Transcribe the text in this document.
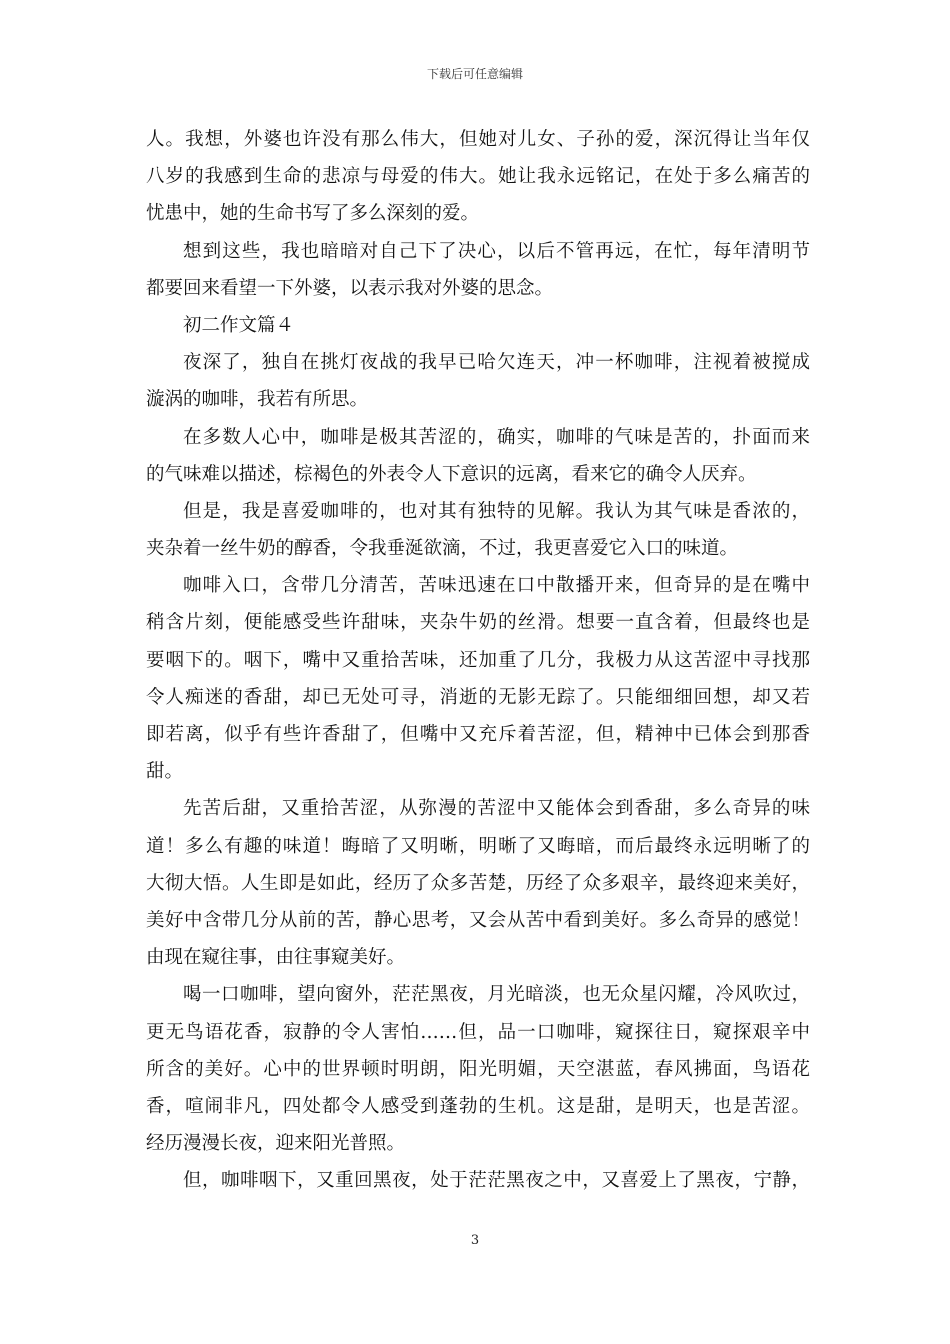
下载后可任意编辑
人。我想，外婆也许没有那么伟大，但她对儿女、子孙的爱，深沉得让当年仅
八岁的我感到生命的悲凉与母爱的伟大。她让我永远铭记，在处于多么痛苦的
忧患中，她的生命书写了多么深刻的爱。
想到这些，我也暗暗对自己下了决心，以后不管再远，在忙，每年清明节
都要回来看望一下外婆，以表示我对外婆的思念。
初二作文篇４
夜深了，独自在挑灯夜战的我早已哈欠连天，冲一杯咖啡，注视着被搅成
漩涡的咖啡，我若有所思。
在多数人心中，咖啡是极其苦涩的，确实，咖啡的气味是苦的，扑面而来
的气味难以描述，棕褐色的外表令人下意识的远离，看来它的确令人厌弃。
但是，我是喜爱咖啡的，也对其有独特的见解。我认为其气味是香浓的，
夹杂着一丝牛奶的醇香，令我垂涎欲滴，不过，我更喜爱它入口的味道。
咖啡入口，含带几分清苦，苦味迅速在口中散播开来，但奇异的是在嘴中
稍含片刻，便能感受些许甜味，夹杂牛奶的丝滑。想要一直含着，但最终也是
要咽下的。咽下，嘴中又重拾苦味，还加重了几分，我极力从这苦涩中寻找那
令人痴迷的香甜，却已无处可寻，消逝的无影无踪了。只能细细回想，却又若
即若离，似乎有些许香甜了，但嘴中又充斥着苦涩，但，精神中已体会到那香
甜。
先苦后甜，又重拾苦涩，从弥漫的苦涩中又能体会到香甜，多么奇异的味
道！多么有趣的味道！晦暗了又明晰，明晰了又晦暗，而后最终永远明晰了的
大彻大悟。人生即是如此，经历了众多苦楚，历经了众多艰辛，最终迎来美好，
美好中含带几分从前的苦，静心思考，又会从苦中看到美好。多么奇异的感觉！
由现在窥往事，由往事窥美好。
喝一口咖啡，望向窗外，茫茫黑夜，月光暗淡，也无众星闪耀，冷风吹过，
更无鸟语花香，寂静的令人害怕……但，品一口咖啡，窥探往日，窥探艰辛中
所含的美好。心中的世界顿时明朗，阳光明媚，天空湛蓝，春风拂面，鸟语花
香，喧闹非凡，四处都令人感受到蓬勃的生机。这是甜，是明天，也是苦涩。
经历漫漫长夜，迎来阳光普照。
但，咖啡咽下，又重回黑夜，处于茫茫黑夜之中，又喜爱上了黑夜，宁静，
3
